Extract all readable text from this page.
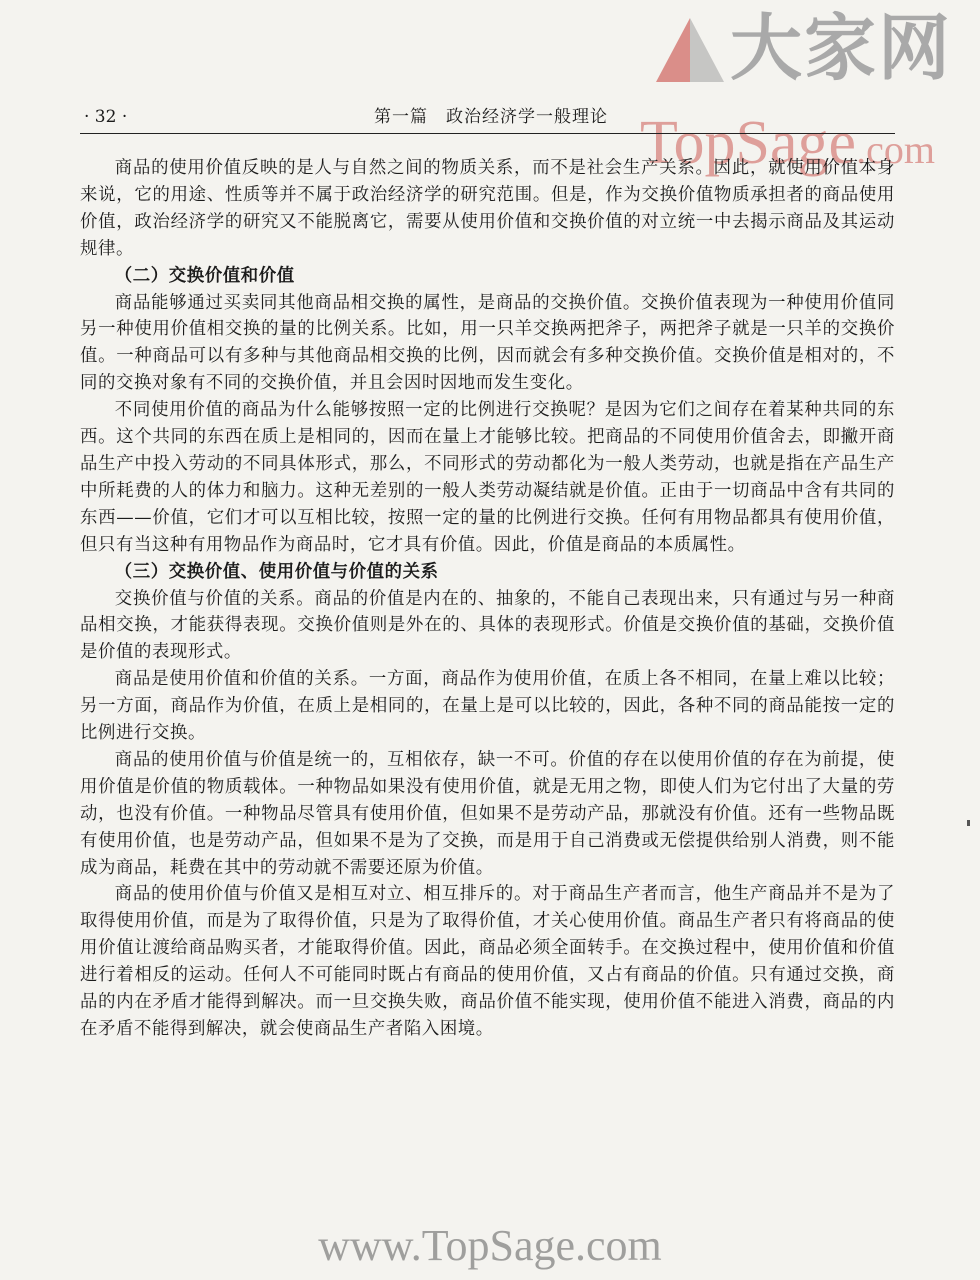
大家网
TopSage.com
· 32 ·	第一篇　政治经济学一般理论

商品的使用价值反映的是人与自然之间的物质关系，而不是社会生产关系。因此，就使用价值本身来说，它的用途、性质等并不属于政治经济学的研究范围。但是，作为交换价值物质承担者的商品使用价值，政治经济学的研究又不能脱离它，需要从使用价值和交换价值的对立统一中去揭示商品及其运动规律。

（二）交换价值和价值

商品能够通过买卖同其他商品相交换的属性，是商品的交换价值。交换价值表现为一种使用价值同另一种使用价值相交换的量的比例关系。比如，用一只羊交换两把斧子，两把斧子就是一只羊的交换价值。一种商品可以有多种与其他商品相交换的比例，因而就会有多种交换价值。交换价值是相对的，不同的交换对象有不同的交换价值，并且会因时因地而发生变化。

不同使用价值的商品为什么能够按照一定的比例进行交换呢？是因为它们之间存在着某种共同的东西。这个共同的东西在质上是相同的，因而在量上才能够比较。把商品的不同使用价值舍去，即撇开商品生产中投入劳动的不同具体形式，那么，不同形式的劳动都化为一般人类劳动，也就是指在产品生产中所耗费的人的体力和脑力。这种无差别的一般人类劳动凝结就是价值。正由于一切商品中含有共同的东西——价值，它们才可以互相比较，按照一定的量的比例进行交换。任何有用物品都具有使用价值，但只有当这种有用物品作为商品时，它才具有价值。因此，价值是商品的本质属性。

（三）交换价值、使用价值与价值的关系

交换价值与价值的关系。商品的价值是内在的、抽象的，不能自己表现出来，只有通过与另一种商品相交换，才能获得表现。交换价值则是外在的、具体的表现形式。价值是交换价值的基础，交换价值是价值的表现形式。

商品是使用价值和价值的关系。一方面，商品作为使用价值，在质上各不相同，在量上难以比较；另一方面，商品作为价值，在质上是相同的，在量上是可以比较的，因此，各种不同的商品能按一定的比例进行交换。

商品的使用价值与价值是统一的，互相依存，缺一不可。价值的存在以使用价值的存在为前提，使用价值是价值的物质载体。一种物品如果没有使用价值，就是无用之物，即使人们为它付出了大量的劳动，也没有价值。一种物品尽管具有使用价值，但如果不是劳动产品，那就没有价值。还有一些物品既有使用价值，也是劳动产品，但如果不是为了交换，而是用于自己消费或无偿提供给别人消费，则不能成为商品，耗费在其中的劳动就不需要还原为价值。

商品的使用价值与价值又是相互对立、相互排斥的。对于商品生产者而言，他生产商品并不是为了取得使用价值，而是为了取得价值，只是为了取得价值，才关心使用价值。商品生产者只有将商品的使用价值让渡给商品购买者，才能取得价值。因此，商品必须全面转手。在交换过程中，使用价值和价值进行着相反的运动。任何人不可能同时既占有商品的使用价值，又占有商品的价值。只有通过交换，商品的内在矛盾才能得到解决。而一旦交换失败，商品价值不能实现，使用价值不能进入消费，商品的内在矛盾不能得到解决，就会使商品生产者陷入困境。

www.TopSage.com
